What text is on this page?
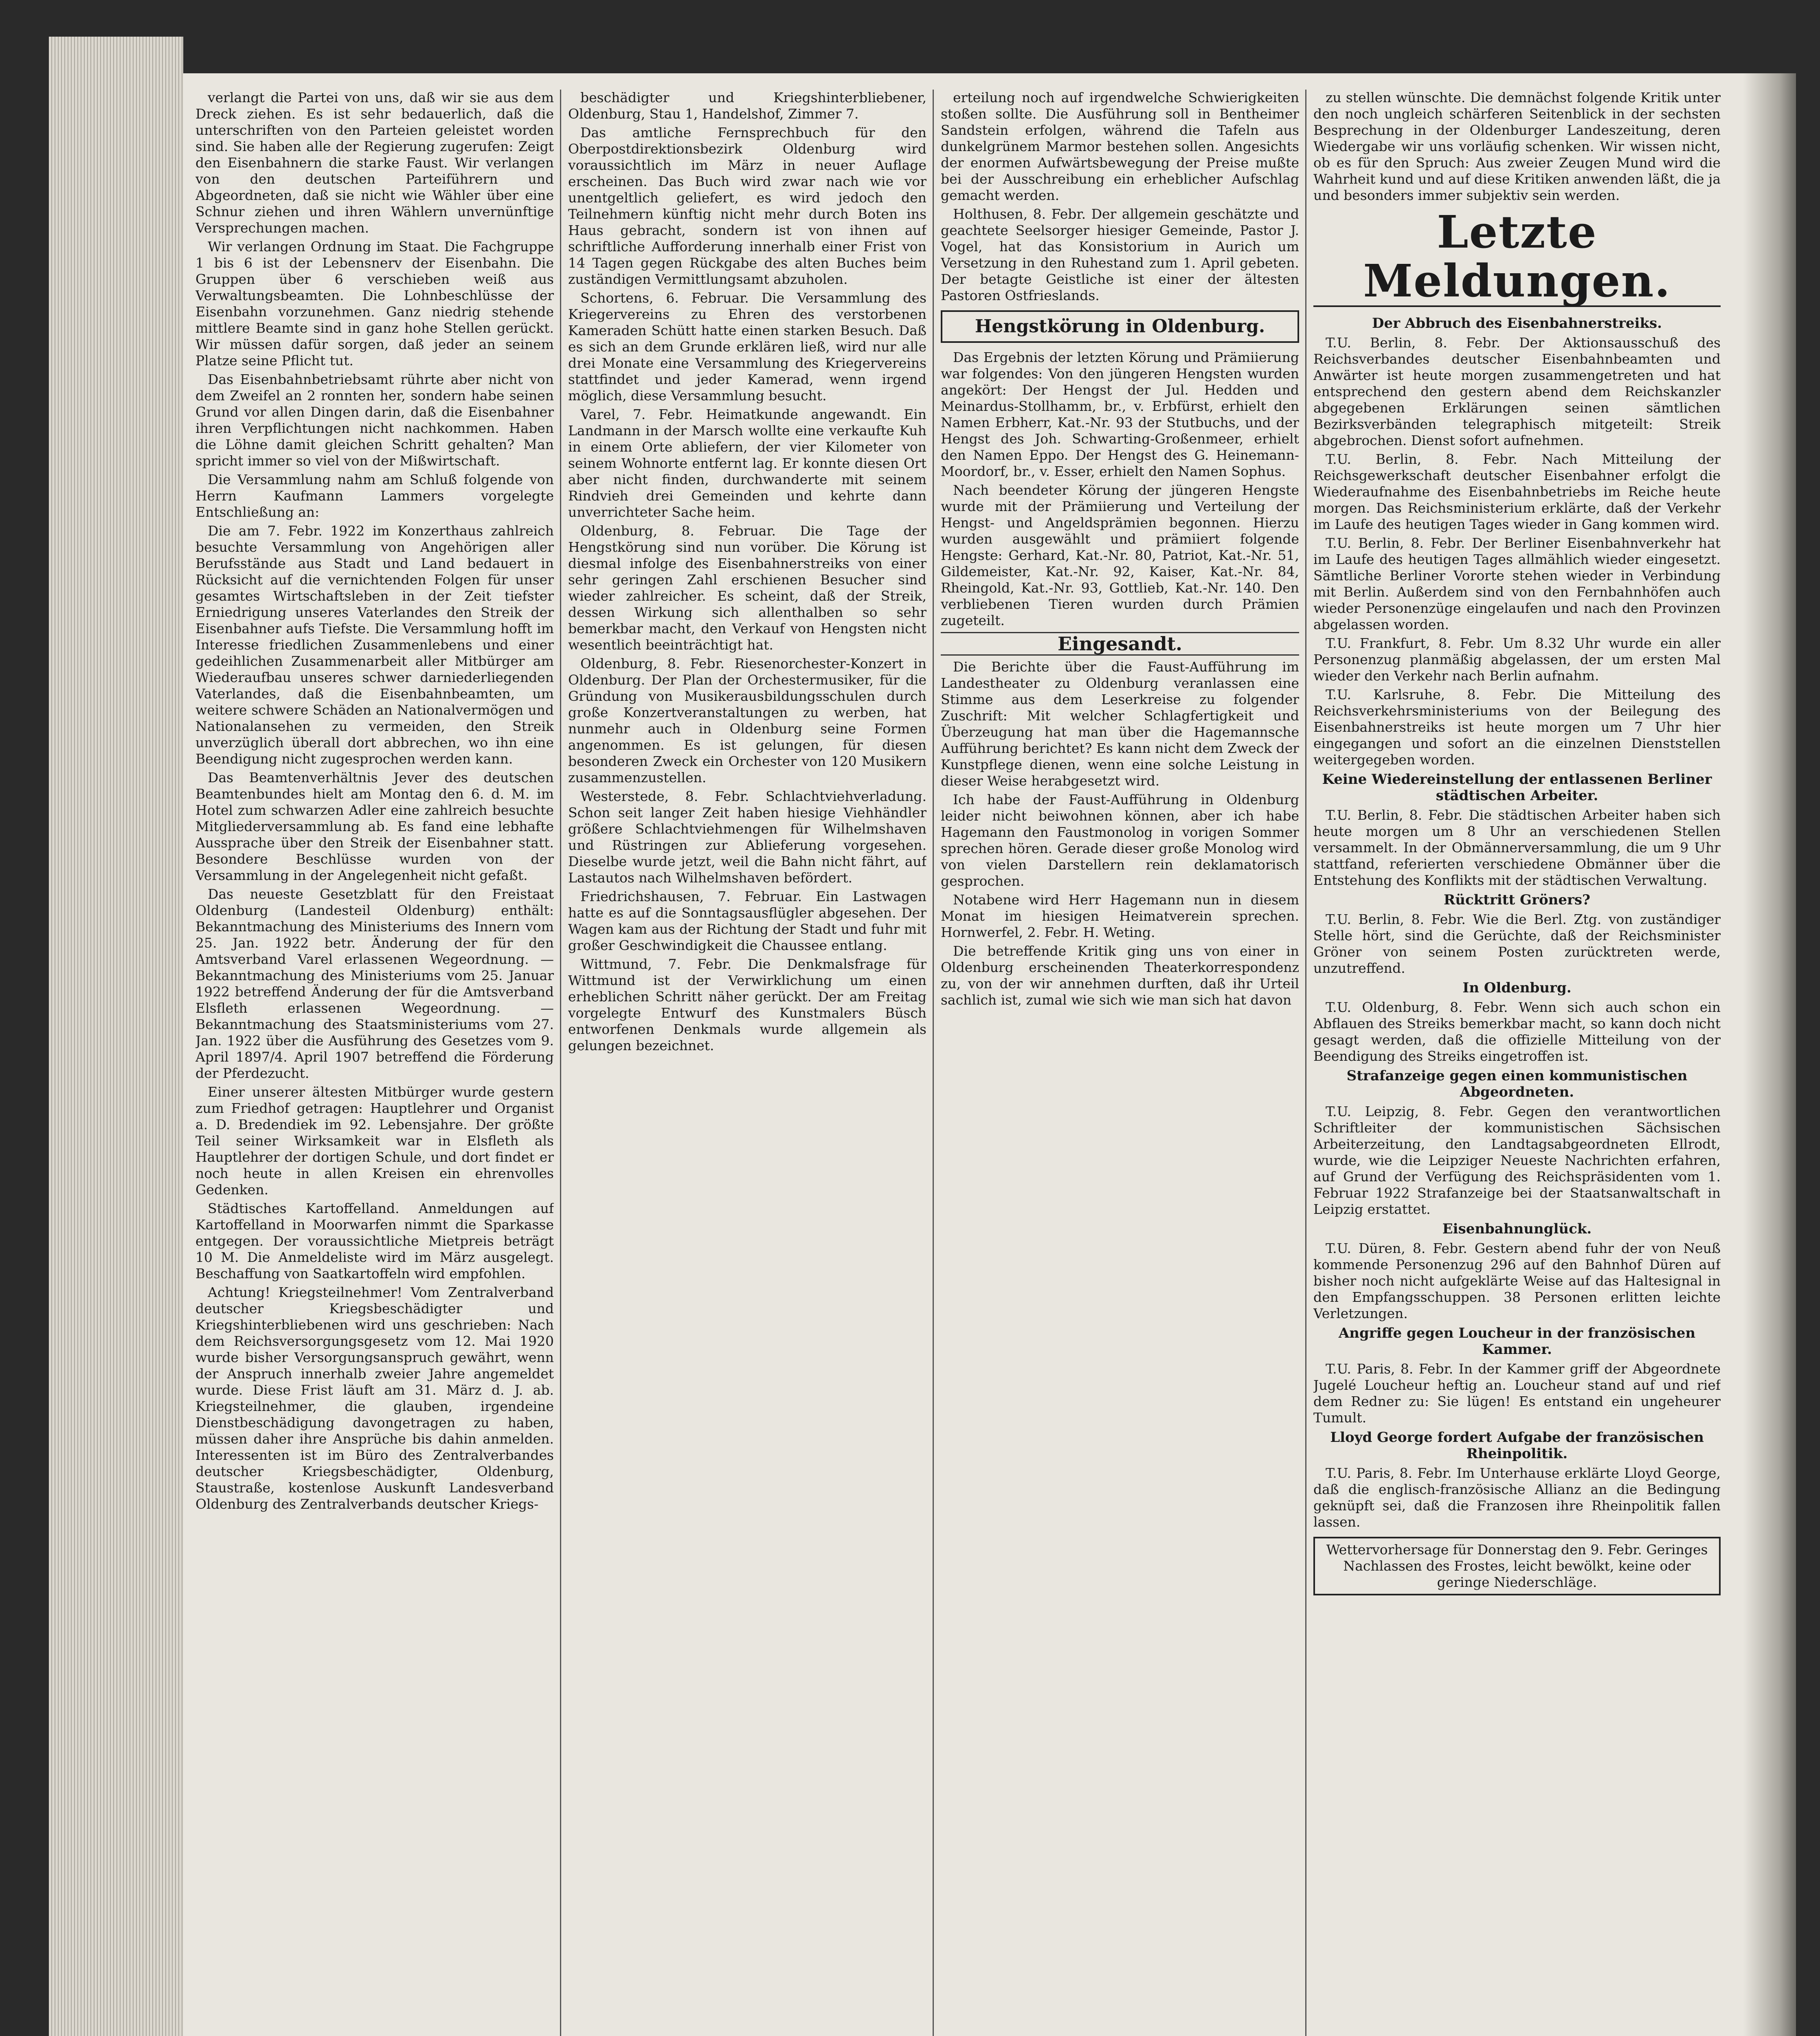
verlangt die Partei von uns, daß wir sie aus dem Dreck ziehen. Es ist sehr bedauerlich, daß die unterschriften von den Parteien geleistet worden sind. Sie haben alle der Regierung zugerufen: Zeigt den Eisenbahnern die starke Faust. Wir verlangen von den deutschen Parteiführern und Abgeordneten, daß sie nicht wie Wähler über eine Schnur ziehen und ihren Wählern unvernünftige Versprechungen machen.

Wir verlangen Ordnung im Staat. Die Fachgruppe 1 bis 6 ist der Lebensnerv der Eisenbahn. Die Gruppen über 6 verschieben weiß aus Verwaltungsbeamten. Die Lohnbeschlüsse der Eisenbahn vorzunehmen. Ganz niedrig stehende mittlere Beamte sind in ganz hohe Stellen gerückt. Wir müssen dafür sorgen, daß jeder an seinem Platze seine Pflicht tut.

Das Eisenbahnbetriebsamt rührte aber nicht von dem Zweifel an 2 ronnten her, sondern habe seinen Grund vor allen Dingen darin, daß die Eisenbahner ihren Verpflichtungen nicht nachkommen. Haben die Löhne damit gleichen Schritt gehalten? Man spricht immer so viel von der Mißwirtschaft.

Die Versammlung nahm am Schluß folgende von Herrn Kaufmann Lammers vorgelegte Entschließung an:

Die am 7. Febr. 1922 im Konzerthaus zahlreich besuchte Versammlung von Angehörigen aller Berufsstände aus Stadt und Land bedauert in Rücksicht auf die vernichtenden Folgen für unser gesamtes Wirtschaftsleben in der Zeit tiefster Erniedrigung unseres Vaterlandes den Streik der Eisenbahner aufs Tiefste. Die Versammlung hofft im Interesse friedlichen Zusammenlebens und einer gedeihlichen Zusammenarbeit aller Mitbürger am Wiederaufbau unseres schwer darniederliegenden Vaterlandes, daß die Eisenbahnbeamten, um weitere schwere Schäden an Nationalvermögen und Nationalansehen zu vermeiden, den Streik unverzüglich überall dort abbrechen, wo ihn eine Beendigung nicht zugesprochen werden kann.

Das Beamtenverhältnis Jever des deutschen Beamtenbundes hielt am Montag den 6. d. M. im Hotel zum schwarzen Adler eine zahlreich besuchte Mitgliederversammlung ab. Es fand eine lebhafte Aussprache über den Streik der Eisenbahner statt. Besondere Beschlüsse wurden von der Versammlung in der Angelegenheit nicht gefaßt.

Das neueste Gesetzblatt für den Freistaat Oldenburg (Landesteil Oldenburg) enthält: Bekanntmachung des Ministeriums des Innern vom 25. Jan. 1922 betr. Änderung der für den Amtsverband Varel erlassenen Wegeordnung. — Bekanntmachung des Ministeriums vom 25. Januar 1922 betreffend Änderung der für die Amtsverband Elsfleth erlassenen Wegeordnung. — Bekanntmachung des Staatsministeriums vom 27. Jan. 1922 über die Ausführung des Gesetzes vom 9. April 1897/4. April 1907 betreffend die Förderung der Pferdezucht.

Einer unserer ältesten Mitbürger wurde gestern zum Friedhof getragen: Hauptlehrer und Organist a. D. Bredendiek im 92. Lebensjahre. Der größte Teil seiner Wirksamkeit war in Elsfleth als Hauptlehrer der dortigen Schule, und dort findet er noch heute in allen Kreisen ein ehrenvolles Gedenken.

Städtisches Kartoffelland. Anmeldungen auf Kartoffelland in Moorwarfen nimmt die Sparkasse entgegen. Der voraussichtliche Mietpreis beträgt 10 M. Die Anmeldeliste wird im März ausgelegt. Beschaffung von Saatkartoffeln wird empfohlen.

Achtung! Kriegsteilnehmer! Vom Zentralverband deutscher Kriegsbeschädigter und Kriegshinterbliebenen wird uns geschrieben: Nach dem Reichsversorgungsgesetz vom 12. Mai 1920 wurde bisher Versorgungsanspruch gewährt, wenn der Anspruch innerhalb zweier Jahre angemeldet wurde. Diese Frist läuft am 31. März d. J. ab. Kriegsteilnehmer, die glauben, irgendeine Dienstbeschädigung davongetragen zu haben, müssen daher ihre Ansprüche bis dahin anmelden. Interessenten ist im Büro des Zentralverbandes deutscher Kriegsbeschädigter, Oldenburg, Staustraße, kostenlose Auskunft Landesverband Oldenburg des Zentralverbands deutscher Kriegs-

beschädigter und Kriegshinterbliebener, Oldenburg, Stau 1, Handelshof, Zimmer 7.

Das amtliche Fernsprechbuch für den Oberpostdirektionsbezirk Oldenburg wird voraussichtlich im März in neuer Auflage erscheinen. Das Buch wird zwar nach wie vor unentgeltlich geliefert, es wird jedoch den Teilnehmern künftig nicht mehr durch Boten ins Haus gebracht, sondern ist von ihnen auf schriftliche Aufforderung innerhalb einer Frist von 14 Tagen gegen Rückgabe des alten Buches beim zuständigen Vermittlungsamt abzuholen.

Schortens, 6. Februar. Die Versammlung des Kriegervereins zu Ehren des verstorbenen Kameraden Schütt hatte einen starken Besuch. Daß es sich an dem Grunde erklären ließ, wird nur alle drei Monate eine Versammlung des Kriegervereins stattfindet und jeder Kamerad, wenn irgend möglich, diese Versammlung besucht.

Varel, 7. Febr. Heimatkunde angewandt. Ein Landmann in der Marsch wollte eine verkaufte Kuh in einem Orte abliefern, der vier Kilometer von seinem Wohnorte entfernt lag. Er konnte diesen Ort aber nicht finden, durchwanderte mit seinem Rindvieh drei Gemeinden und kehrte dann unverrichteter Sache heim.

Oldenburg, 8. Februar. Die Tage der Hengstkörung sind nun vorüber. Die Körung ist diesmal infolge des Eisenbahnerstreiks von einer sehr geringen Zahl erschienen Besucher sind wieder zahlreicher. Es scheint, daß der Streik, dessen Wirkung sich allenthalben so sehr bemerkbar macht, den Verkauf von Hengsten nicht wesentlich beeinträchtigt hat.

Oldenburg, 8. Febr. Riesenorchester-Konzert in Oldenburg. Der Plan der Orchestermusiker, für die Gründung von Musikerausbildungsschulen durch große Konzertveranstaltungen zu werben, hat nunmehr auch in Oldenburg seine Formen angenommen. Es ist gelungen, für diesen besonderen Zweck ein Orchester von 120 Musikern zusammenzustellen.

Westerstede, 8. Febr. Schlachtviehverladung. Schon seit langer Zeit haben hiesige Viehhändler größere Schlachtviehmengen für Wilhelmshaven und Rüstringen zur Ablieferung vorgesehen. Dieselbe wurde jetzt, weil die Bahn nicht fährt, auf Lastautos nach Wilhelmshaven befördert.

Friedrichshausen, 7. Februar. Ein Lastwagen hatte es auf die Sonntagsausflügler abgesehen. Der Wagen kam aus der Richtung der Stadt und fuhr mit großer Geschwindigkeit die Chaussee entlang.

Wittmund, 7. Febr. Die Denkmalsfrage für Wittmund ist der Verwirklichung um einen erheblichen Schritt näher gerückt. Der am Freitag vorgelegte Entwurf des Kunstmalers Büsch entworfenen Denkmals wurde allgemein als gelungen bezeichnet.

erteilung noch auf irgendwelche Schwierigkeiten stoßen sollte. Die Ausführung soll in Bentheimer Sandstein erfolgen, während die Tafeln aus dunkelgrünem Marmor bestehen sollen. Angesichts der enormen Aufwärtsbewegung der Preise mußte bei der Ausschreibung ein erheblicher Aufschlag gemacht werden.

Holthusen, 8. Febr. Der allgemein geschätzte und geachtete Seelsorger hiesiger Gemeinde, Pastor J. Vogel, hat das Konsistorium in Aurich um Versetzung in den Ruhestand zum 1. April gebeten. Der betagte Geistliche ist einer der ältesten Pastoren Ostfrieslands.

Hengstkörung in Oldenburg.

Das Ergebnis der letzten Körung und Prämiierung war folgendes: Von den jüngeren Hengsten wurden angekört: Der Hengst der Jul. Hedden und Meinardus-Stollhamm, br., v. Erbfürst, erhielt den Namen Erbherr, Kat.-Nr. 93 der Stutbuchs, und der Hengst des Joh. Schwarting-Großenmeer, erhielt den Namen Eppo. Der Hengst des G. Heinemann-Moordorf, br., v. Esser, erhielt den Namen Sophus.

Nach beendeter Körung der jüngeren Hengste wurde mit der Prämiierung und Verteilung der Hengst- und Angeldsprämien begonnen. Hierzu wurden ausgewählt und prämiiert folgende Hengste: Gerhard, Kat.-Nr. 80, Patriot, Kat.-Nr. 51, Gildemeister, Kat.-Nr. 92, Kaiser, Kat.-Nr. 84, Rheingold, Kat.-Nr. 93, Gottlieb, Kat.-Nr. 140. Den verbliebenen Tieren wurden durch Prämien zugeteilt.

Eingesandt.

Die Berichte über die Faust-Aufführung im Landestheater zu Oldenburg veranlassen eine Stimme aus dem Leserkreise zu folgender Zuschrift: Mit welcher Schlagfertigkeit und Überzeugung hat man über die Hagemannsche Aufführung berichtet? Es kann nicht dem Zweck der Kunstpflege dienen, wenn eine solche Leistung in dieser Weise herabgesetzt wird.

Ich habe der Faust-Aufführung in Oldenburg leider nicht beiwohnen können, aber ich habe Hagemann den Faustmonolog in vorigen Sommer sprechen hören. Gerade dieser große Monolog wird von vielen Darstellern rein deklamatorisch gesprochen.

Notabene wird Herr Hagemann nun in diesem Monat im hiesigen Heimatverein sprechen. Hornwerfel, 2. Febr. H. Weting.

Die betreffende Kritik ging uns von einer in Oldenburg erscheinenden Theaterkorrespondenz zu, von der wir annehmen durften, daß ihr Urteil sachlich ist, zumal wie sich wie man sich hat davon

zu stellen wünschte. Die demnächst folgende Kritik unter den noch ungleich schärferen Seitenblick in der sechsten Besprechung in der Oldenburger Landeszeitung, deren Wiedergabe wir uns vorläufig schenken. Wir wissen nicht, ob es für den Spruch: Aus zweier Zeugen Mund wird die Wahrheit kund und auf diese Kritiken anwenden läßt, die ja und besonders immer subjektiv sein werden.

Letzte Meldungen.
Der Abbruch des Eisenbahnerstreiks.

T.U. Berlin, 8. Febr. Der Aktionsausschuß des Reichsverbandes deutscher Eisenbahnbeamten und Anwärter ist heute morgen zusammengetreten und hat entsprechend den gestern abend dem Reichskanzler abgegebenen Erklärungen seinen sämtlichen Bezirksverbänden telegraphisch mitgeteilt: Streik abgebrochen. Dienst sofort aufnehmen.

T.U. Berlin, 8. Febr. Nach Mitteilung der Reichsgewerkschaft deutscher Eisenbahner erfolgt die Wiederaufnahme des Eisenbahnbetriebs im Reiche heute morgen. Das Reichsministerium erklärte, daß der Verkehr im Laufe des heutigen Tages wieder in Gang kommen wird.

T.U. Berlin, 8. Febr. Der Berliner Eisenbahnverkehr hat im Laufe des heutigen Tages allmählich wieder eingesetzt. Sämtliche Berliner Vororte stehen wieder in Verbindung mit Berlin. Außerdem sind von den Fernbahnhöfen auch wieder Personenzüge eingelaufen und nach den Provinzen abgelassen worden.

T.U. Frankfurt, 8. Febr. Um 8.32 Uhr wurde ein aller Personenzug planmäßig abgelassen, der um ersten Mal wieder den Verkehr nach Berlin aufnahm.

T.U. Karlsruhe, 8. Febr. Die Mitteilung des Reichsverkehrsministeriums von der Beilegung des Eisenbahnerstreiks ist heute morgen um 7 Uhr hier eingegangen und sofort an die einzelnen Dienststellen weitergegeben worden.

Keine Wiedereinstellung der entlassenen Berliner städtischen Arbeiter.

T.U. Berlin, 8. Febr. Die städtischen Arbeiter haben sich heute morgen um 8 Uhr an verschiedenen Stellen versammelt. In der Obmännerversammlung, die um 9 Uhr stattfand, referierten verschiedene Obmänner über die Entstehung des Konflikts mit der städtischen Verwaltung.

Rücktritt Gröners?

T.U. Berlin, 8. Febr. Wie die Berl. Ztg. von zuständiger Stelle hört, sind die Gerüchte, daß der Reichsminister Gröner von seinem Posten zurücktreten werde, unzutreffend.

In Oldenburg.

T.U. Oldenburg, 8. Febr. Wenn sich auch schon ein Abflauen des Streiks bemerkbar macht, so kann doch nicht gesagt werden, daß die offizielle Mitteilung von der Beendigung des Streiks eingetroffen ist.

Strafanzeige gegen einen kommunistischen Abgeordneten.

T.U. Leipzig, 8. Febr. Gegen den verantwortlichen Schriftleiter der kommunistischen Sächsischen Arbeiterzeitung, den Landtagsabgeordneten Ellrodt, wurde, wie die Leipziger Neueste Nachrichten erfahren, auf Grund der Verfügung des Reichspräsidenten vom 1. Februar 1922 Strafanzeige bei der Staatsanwaltschaft in Leipzig erstattet.

Eisenbahnunglück.

T.U. Düren, 8. Febr. Gestern abend fuhr der von Neuß kommende Personenzug 296 auf den Bahnhof Düren auf bisher noch nicht aufgeklärte Weise auf das Haltesignal in den Empfangsschuppen. 38 Personen erlitten leichte Verletzungen.

Angriffe gegen Loucheur in der französischen Kammer.

T.U. Paris, 8. Febr. In der Kammer griff der Abgeordnete Jugelé Loucheur heftig an. Loucheur stand auf und rief dem Redner zu: Sie lügen! Es entstand ein ungeheurer Tumult.

Lloyd George fordert Aufgabe der französischen Rheinpolitik.

T.U. Paris, 8. Febr. Im Unterhause erklärte Lloyd George, daß die englisch-französische Allianz an die Bedingung geknüpft sei, daß die Franzosen ihre Rheinpolitik fallen lassen.

Wettervorhersage für Donnerstag den 9. Febr. Geringes Nachlassen des Frostes, leicht bewölkt, keine oder geringe Niederschläge.
